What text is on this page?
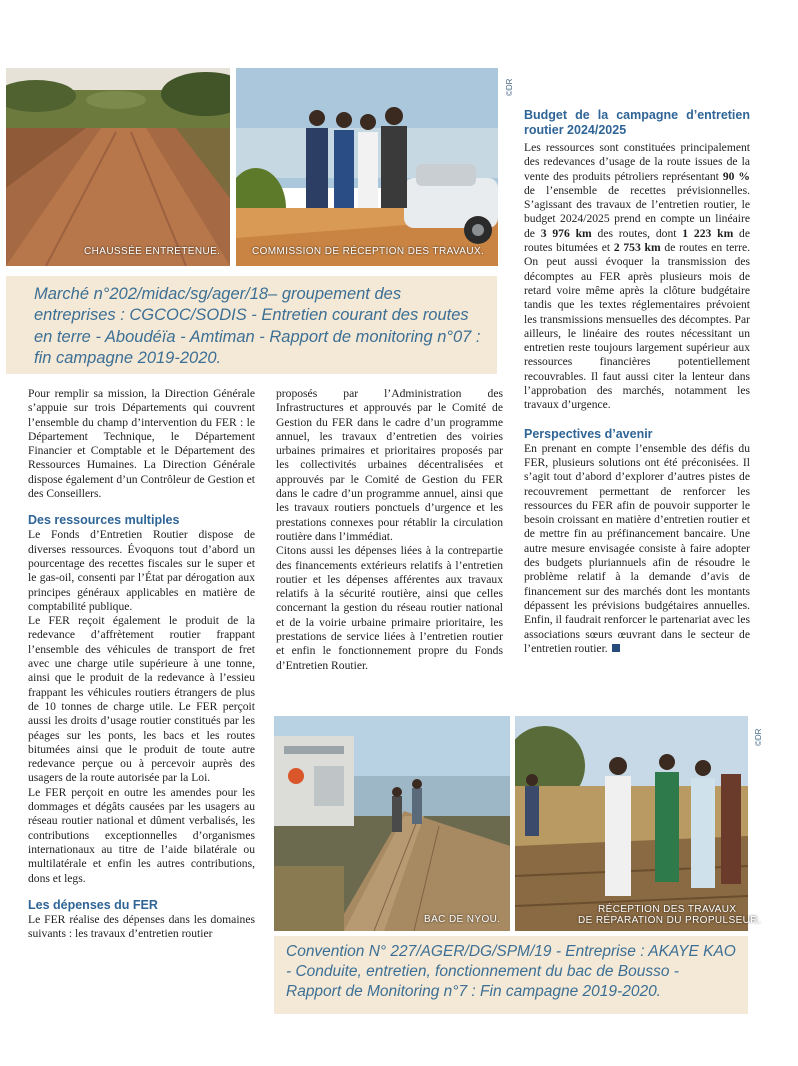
CHAUSSÉE ENTRETENUE.	COMMISSION DE RÉCEPTION DES TRAVAUX.
©DR
Marché n°202/midac/sg/ager/18– groupement des entreprises : CGCOC/SODIS - Entretien courant des routes en terre - Aboudéïa - Amtiman - Rapport de monitoring n°07 : fin campagne 2019-2020.

Pour remplir sa mission, la Direction Générale s’appuie sur trois Départements qui couvrent l’ensemble du champ d’intervention du FER : le Département Technique, le Département Financier et Comptable et le Département des Ressources Humaines. La Direction Générale dispose également d’un Contrôleur de Gestion et des Conseillers.

Des ressources multiples

Le Fonds d’Entretien Routier dispose de diverses ressources. Évoquons tout d’abord un pourcentage des recettes fiscales sur le super et le gas-oil, consenti par l’État par dérogation aux principes généraux applicables en matière de comptabilité publique.

Le FER reçoit également le produit de la redevance d’affrètement routier frappant l’ensemble des véhicules de transport de fret avec une charge utile supérieure à une tonne, ainsi que le produit de la redevance à l’essieu frappant les véhicules routiers étrangers de plus de 10 tonnes de charge utile. Le FER perçoit aussi les droits d’usage routier constitués par les péages sur les ponts, les bacs et les routes bitumées ainsi que le produit de toute autre redevance perçue ou à percevoir auprès des usagers de la route autorisée par la Loi.

Le FER perçoit en outre les amendes pour les dommages et dégâts causées par les usagers au réseau routier national et dûment verbalisés, les contributions exceptionnelles d’organismes internationaux au titre de l’aide bilatérale ou multilatérale et enfin les autres contributions, dons et legs.

Les dépenses du FER

Le FER réalise des dépenses dans les domaines suivants : les travaux d’entretien routier

proposés par l’Administration des Infrastructures et approuvés par le Comité de Gestion du FER dans le cadre d’un programme annuel, les travaux d’entretien des voiries urbaines primaires et prioritaires proposés par les collectivités urbaines décentralisées et approuvés par le Comité de Gestion du FER dans le cadre d’un programme annuel, ainsi que les travaux routiers ponctuels d’urgence et les prestations connexes pour rétablir la circulation routière dans l’immédiat.

Citons aussi les dépenses liées à la contrepartie des financements extérieurs relatifs à l’entretien routier et les dépenses afférentes aux travaux relatifs à la sécurité routière, ainsi que celles concernant la gestion du réseau routier national et de la voirie urbaine primaire prioritaire, les prestations de service liées à l’entretien routier et enfin le fonctionnement propre du Fonds d’Entretien Routier.

Budget de la campagne d’entretien routier 2024/2025

Les ressources sont constituées principalement des redevances d’usage de la route issues de la vente des produits pétroliers représentant 90 % de l’ensemble de recettes prévisionnelles. S’agissant des travaux de l’entretien routier, le budget 2024/2025 prend en compte un linéaire de 3 976 km des routes, dont 1 223 km de routes bitumées et 2 753 km de routes en terre. On peut aussi évoquer la transmission des décomptes au FER après plusieurs mois de retard voire même après la clôture budgétaire tandis que les textes réglementaires prévoient les transmissions mensuelles des décomptes. Par ailleurs, le linéaire des routes nécessitant un entretien reste toujours largement supérieur aux ressources financières potentiellement recouvrables. Il faut aussi citer la lenteur dans l’approbation des marchés, notamment les travaux d’urgence.

Perspectives d’avenir

En prenant en compte l’ensemble des défis du FER, plusieurs solutions ont été préconisées. Il s’agit tout d’abord d’explorer d’autres pistes de recouvrement permettant de renforcer les ressources du FER afin de pouvoir supporter le besoin croissant en matière d’entretien routier et de mettre fin au préfinancement bancaire. Une autre mesure envisagée consiste à faire adopter des budgets pluriannuels afin de résoudre le problème relatif à la demande d’avis de financement sur des marchés dont les montants dépassent les prévisions budgétaires annuelles. Enfin, il faudrait renforcer le partenariat avec les associations sœurs œuvrant dans le secteur de l’entretien routier.

BAC DE NYOU.
RÉCEPTION DES TRAVAUX
DE RÉPARATION DU PROPULSEUR.
©DR
Convention N° 227/AGER/DG/SPM/19 - Entreprise : AKAYE KAO - Conduite, entretien, fonctionnement du bac de Bousso - Rapport de Monitoring n°7 : Fin campagne 2019-2020.
